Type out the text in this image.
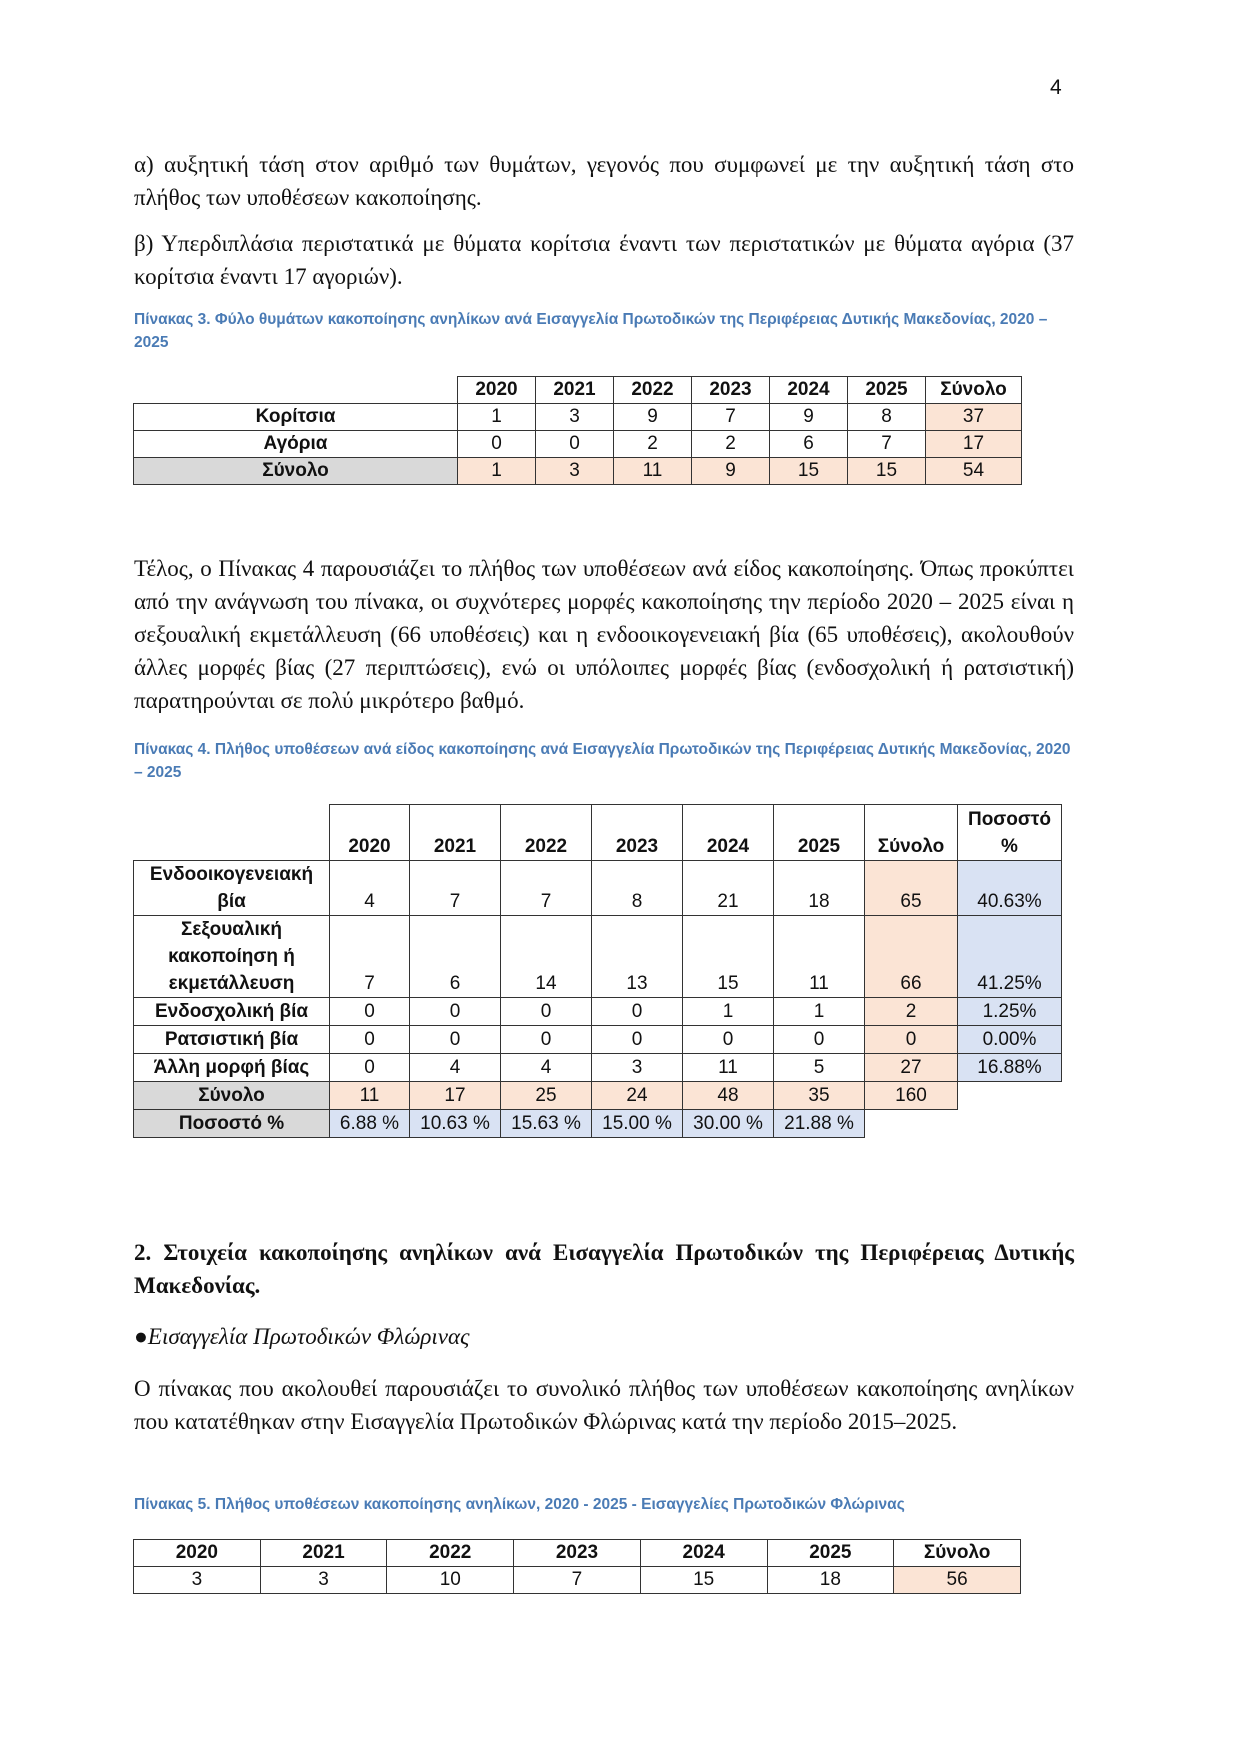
4

α) αυξητική τάση στον αριθμό των θυμάτων, γεγονός που συμφωνεί με την αυξητική τάση στο πλήθος των υποθέσεων κακοποίησης.

β) Υπερδιπλάσια περιστατικά με θύματα κορίτσια έναντι των περιστατικών με θύματα αγόρια (37 κορίτσια έναντι 17 αγοριών).

Πίνακας 3. Φύλο θυμάτων κακοποίησης ανηλίκων ανά Εισαγγελία Πρωτοδικών της Περιφέρειας Δυτικής Μακεδονίας, 2020 – 2025

	2020	2021	2022	2023	2024	2025	Σύνολο
Κορίτσια	1	3	9	7	9	8	37
Αγόρια	0	0	2	2	6	7	17
Σύνολο	1	3	11	9	15	15	54

Τέλος, ο Πίνακας 4 παρουσιάζει το πλήθος των υποθέσεων ανά είδος κακοποίησης. Όπως προκύπτει από την ανάγνωση του πίνακα, οι συχνότερες μορφές κακοποίησης την περίοδο 2020 – 2025 είναι η σεξουαλική εκμετάλλευση (66 υποθέσεις) και η ενδοοικογενειακή βία (65 υποθέσεις), ακολουθούν άλλες μορφές βίας (27 περιπτώσεις), ενώ οι υπόλοιπες μορφές βίας (ενδοσχολική ή ρατσιστική) παρατηρούνται σε πολύ μικρότερο βαθμό.

Πίνακας 4. Πλήθος υποθέσεων ανά είδος κακοποίησης ανά Εισαγγελία Πρωτοδικών της Περιφέρειας Δυτικής Μακεδονίας, 2020 – 2025

	2020	2021	2022	2023	2024	2025	Σύνολο	Ποσοστό %
Ενδοοικογενειακή βία	4	7	7	8	21	18	65	40.63%
Σεξουαλική κακοποίηση ή εκμετάλλευση	7	6	14	13	15	11	66	41.25%
Ενδοσχολική βία	0	0	0	0	1	1	2	1.25%
Ρατσιστική βία	0	0	0	0	0	0	0	0.00%
Άλλη μορφή βίας	0	4	4	3	11	5	27	16.88%
Σύνολο	11	17	25	24	48	35	160	
Ποσοστό %	6.88 %	10.63 %	15.63 %	15.00 %	30.00 %	21.88 %		

2. Στοιχεία κακοποίησης ανηλίκων ανά Εισαγγελία Πρωτοδικών της Περιφέρειας Δυτικής Μακεδονίας.

●Εισαγγελία Πρωτοδικών Φλώρινας

Ο πίνακας που ακολουθεί παρουσιάζει το συνολικό πλήθος των υποθέσεων κακοποίησης ανηλίκων που κατατέθηκαν στην Εισαγγελία Πρωτοδικών Φλώρινας κατά την περίοδο 2015–2025.

Πίνακας 5. Πλήθος υποθέσεων κακοποίησης ανηλίκων, 2020 - 2025 - Εισαγγελίες Πρωτοδικών Φλώρινας

2020	2021	2022	2023	2024	2025	Σύνολο
3	3	10	7	15	18	56
